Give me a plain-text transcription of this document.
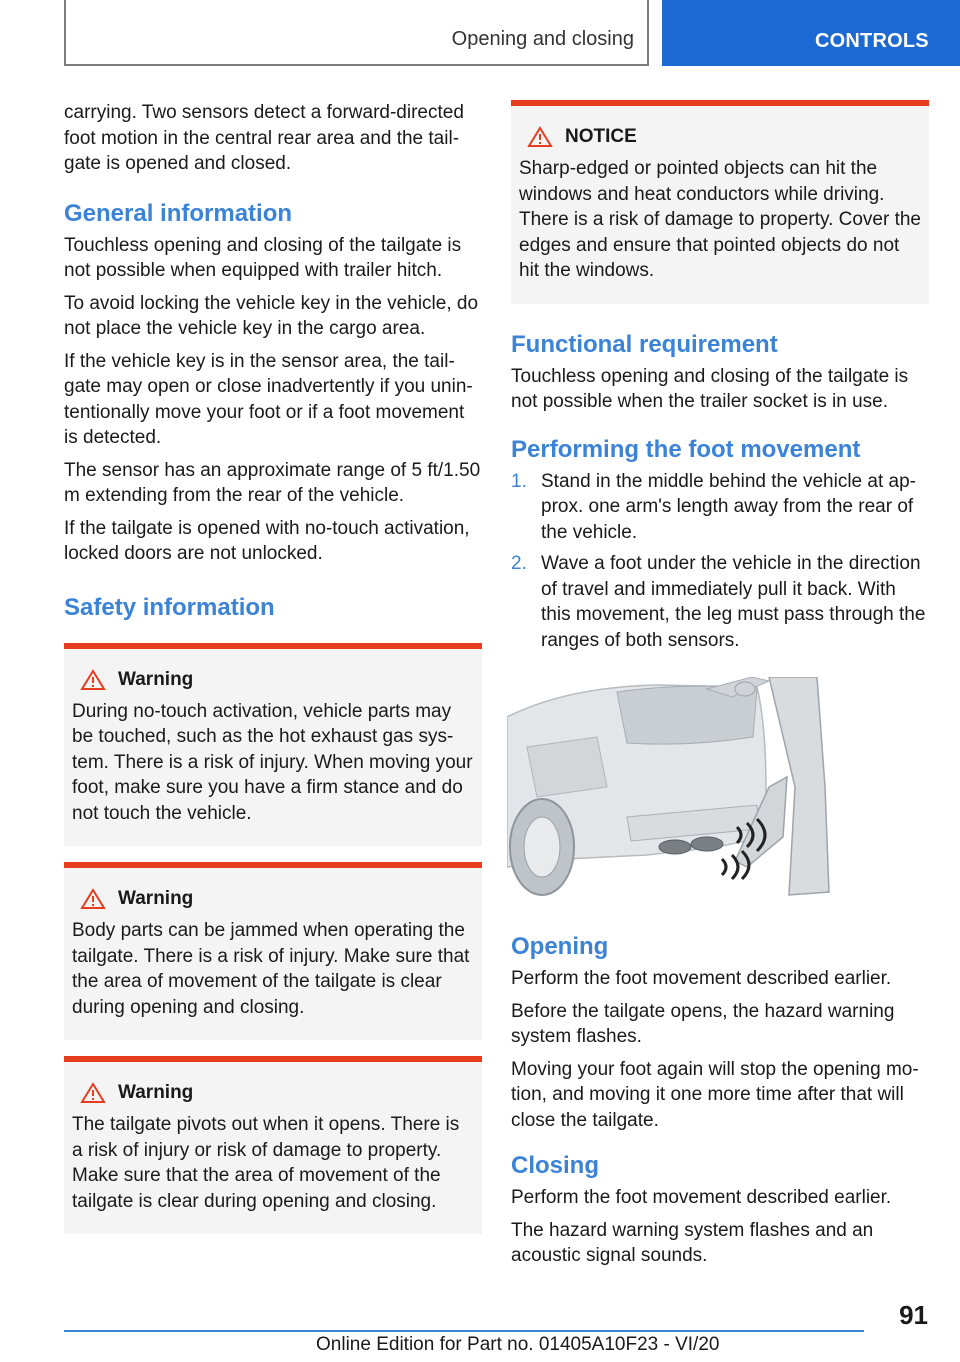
Opening and closing	CONTROLS

carrying. Two sensors detect a forward-directed foot motion in the central rear area and the tailgate is opened and closed.

General information

Touchless opening and closing of the tailgate is not possible when equipped with trailer hitch.

To avoid locking the vehicle key in the vehicle, do not place the vehicle key in the cargo area.

If the vehicle key is in the sensor area, the tailgate may open or close inadvertently if you unintentionally move your foot or if a foot movement is detected.

The sensor has an approximate range of 5 ft/1.50 m extending from the rear of the vehicle.

If the tailgate is opened with no-touch activation, locked doors are not unlocked.

Safety information
Warning

During no-touch activation, vehicle parts may be touched, such as the hot exhaust gas system. There is a risk of injury. When moving your foot, make sure you have a firm stance and do not touch the vehicle.

Warning

Body parts can be jammed when operating the tailgate. There is a risk of injury. Make sure that the area of movement of the tailgate is clear during opening and closing.

Warning

The tailgate pivots out when it opens. There is a risk of injury or risk of damage to property. Make sure that the area of movement of the tailgate is clear during opening and closing.

NOTICE

Sharp-edged or pointed objects can hit the windows and heat conductors while driving. There is a risk of damage to property. Cover the edges and ensure that pointed objects do not hit the windows.

Functional requirement

Touchless opening and closing of the tailgate is not possible when the trailer socket is in use.

Performing the foot movement
1. Stand in the middle behind the vehicle at approx. one arm's length away from the rear of the vehicle.
2. Wave a foot under the vehicle in the direction of travel and immediately pull it back. With this movement, the leg must pass through the ranges of both sensors.
Opening

Perform the foot movement described earlier.

Before the tailgate opens, the hazard warning system flashes.

Moving your foot again will stop the opening motion, and moving it one more time after that will close the tailgate.

Closing

Perform the foot movement described earlier.

The hazard warning system flashes and an acoustic signal sounds.

91
Online Edition for Part no. 01405A10F23 - VI/20
